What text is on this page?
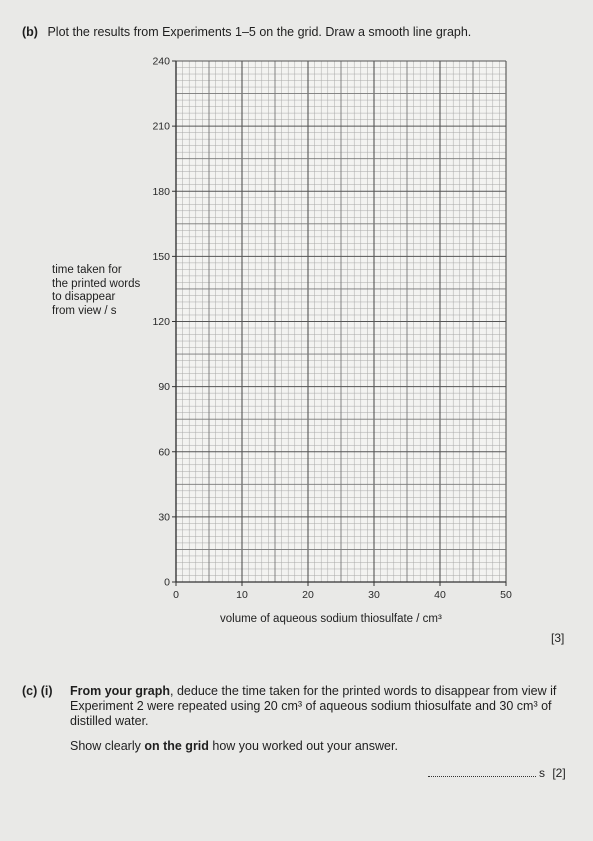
(b) Plot the results from Experiments 1–5 on the grid. Draw a smooth line graph.
0
30
60
90
120
150
180
210
240
0	10	20	30	40	50
time taken for
the printed words
to disappear
from view / s
volume of aqueous sodium thiosulfate / cm³
[3]
(c) (i) From your graph, deduce the time taken for the printed words to disappear from view if Experiment 2 were repeated using 20 cm³ of aqueous sodium thiosulfate and 30 cm³ of distilled water.
Show clearly on the grid how you worked out your answer.
s [2]
